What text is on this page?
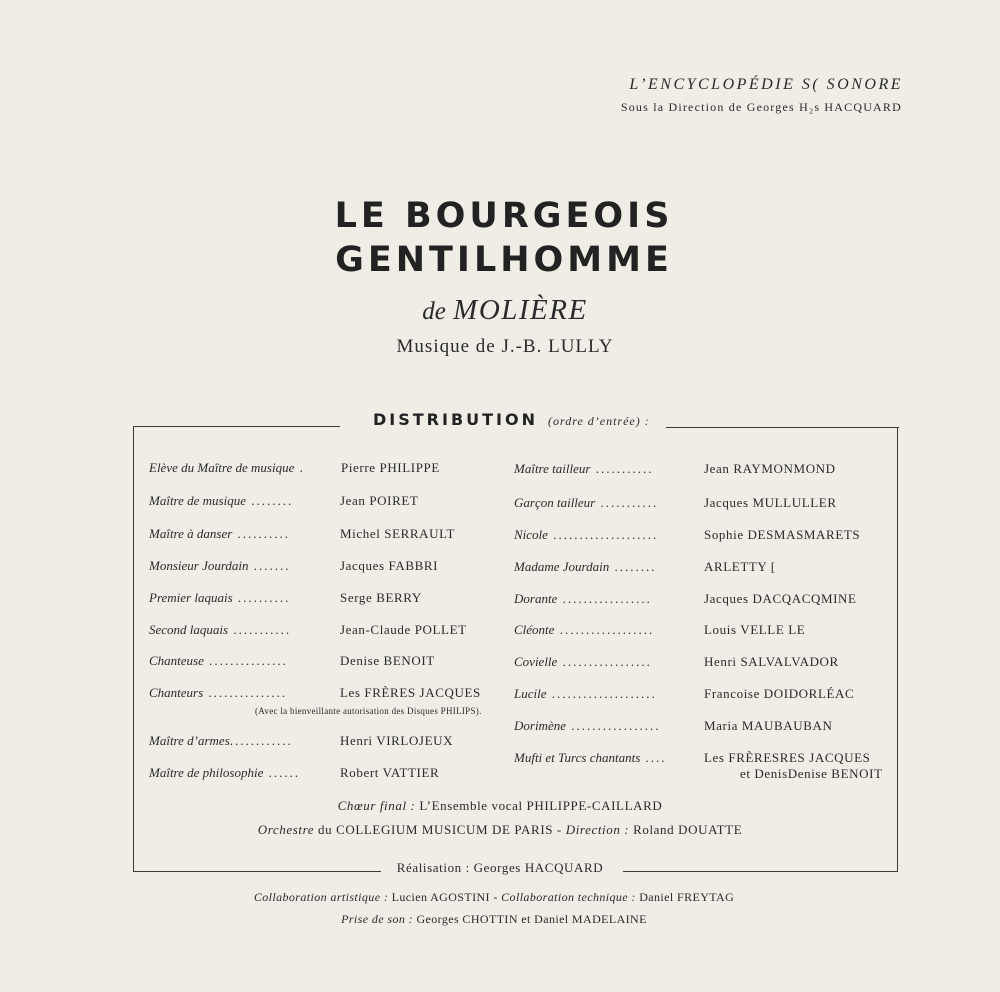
L’ENCYCLOPÉDIE S( SONORE
Sous la Direction de Georges H₂s HACQUARD
LE BOURGEOIS
GENTILHOMME
de MOLIÈRE
Musique de J.-B. LULLY
DISTRIBUTION (ordre d’entrée) :
Elève du Maître de musique .	Pierre PHILIPPE
Maître de musique ........	Jean POIRET
Maître à danser ..........	Michel SERRAULT
Monsieur Jourdain .......	Jacques FABBRI
Premier laquais ..........	Serge BERRY
Second laquais ...........	Jean-Claude POLLET
Chanteuse ...............	Denise BENOIT
Chanteurs ...............	Les FRÈRES JACQUES
(Avec la bienveillante autorisation des Disques PHILIPS).
Maître d’armes............	Henri VIRLOJEUX
Maître de philosophie ......	Robert VATTIER
Maître tailleur ...........	Jean RAYMONMOND
Garçon tailleur ...........	Jacques MULLULLER
Nicole ....................	Sophie DESMASMARETS
Madame Jourdain ........	ARLETTY [
Dorante .................	Jacques DACQACQMINE
Cléonte ..................	Louis VELLE LE
Covielle .................	Henri SALVALVADOR
Lucile ....................	Francoise DOIDORLÉAC
Dorimène .................	Maria MAUBAUBAN
Mufti et Turcs chantants ....	Les FRÈRESRES JACQUES
et DenisDenise BENOIT
Chœur final : L’Ensemble vocal PHILIPPE-CAILLARD
Orchestre du COLLEGIUM MUSICUM DE PARIS - Direction : Roland DOUATTE
Réalisation : Georges HACQUARD
Collaboration artistique : Lucien AGOSTINI - Collaboration technique : Daniel FREYTAG
Prise de son : Georges CHOTTIN et Daniel MADELAINE
